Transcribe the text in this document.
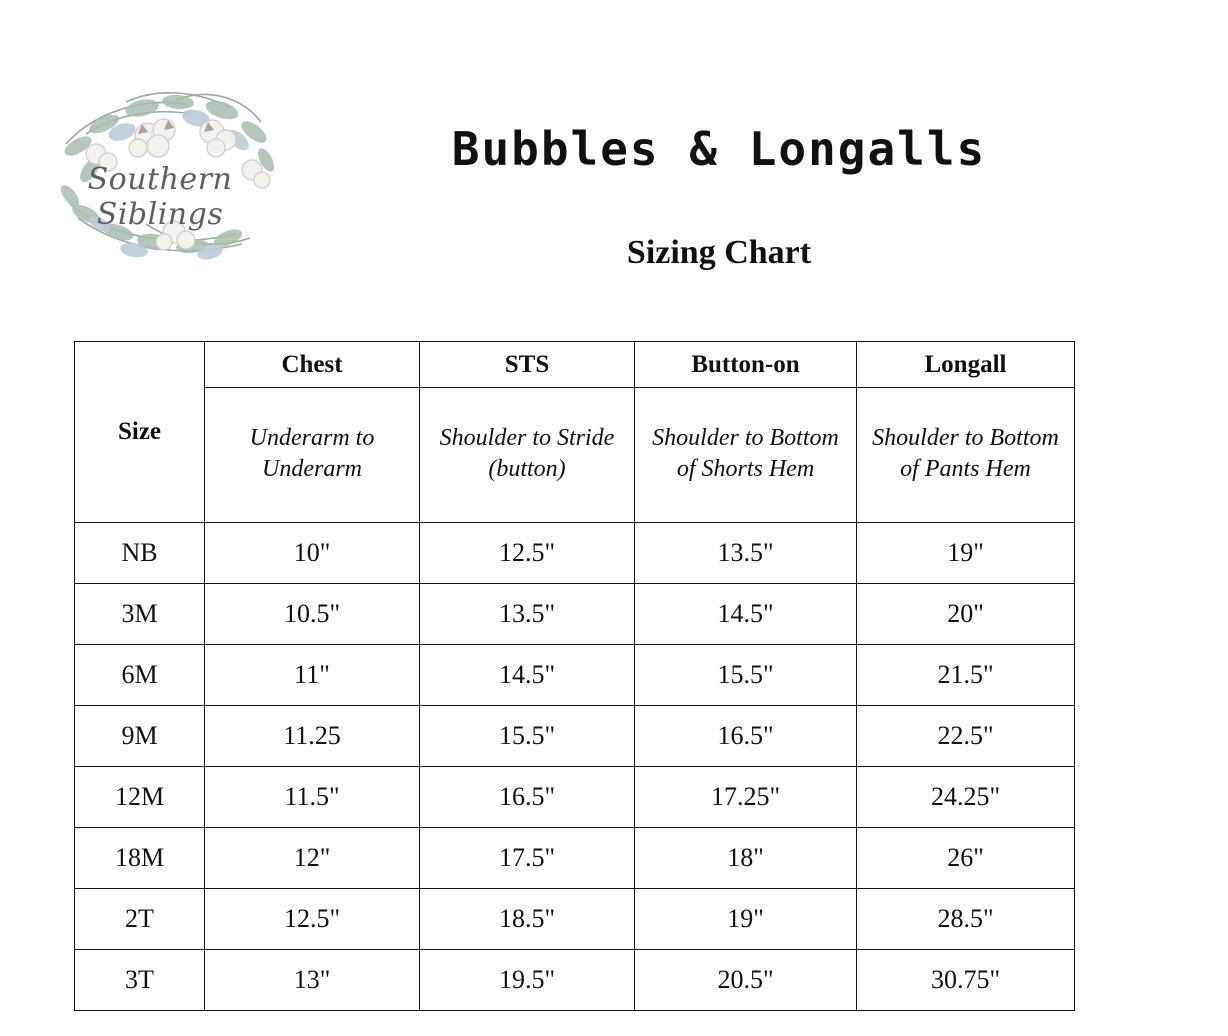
Southern Siblings
Bubbles & Longalls
Sizing Chart
Size	Chest	STS	Button-on	Longall
	Underarm to Underarm	Shoulder to Stride (button)	Shoulder to Bottom of Shorts Hem	Shoulder to Bottom of Pants Hem
NB	10"	12.5"	13.5"	19"
3M	10.5"	13.5"	14.5"	20"
6M	11"	14.5"	15.5"	21.5"
9M	11.25	15.5"	16.5"	22.5"
12M	11.5"	16.5"	17.25"	24.25"
18M	12"	17.5"	18"	26"
2T	12.5"	18.5"	19"	28.5"
3T	13"	19.5"	20.5"	30.75"
